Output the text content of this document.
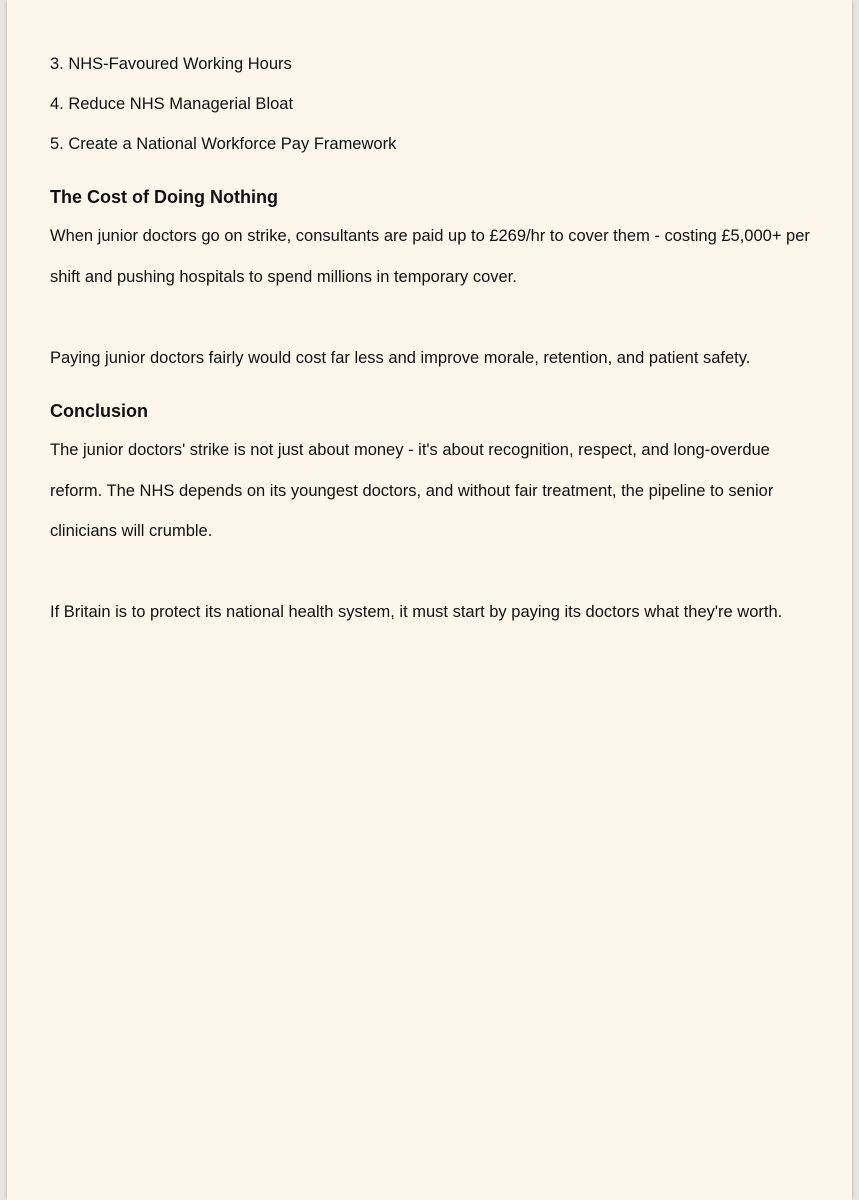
3. NHS-Favoured Working Hours
4. Reduce NHS Managerial Bloat
5. Create a National Workforce Pay Framework
The Cost of Doing Nothing
When junior doctors go on strike, consultants are paid up to £269/hr to cover them - costing £5,000+ per shift and pushing hospitals to spend millions in temporary cover.
Paying junior doctors fairly would cost far less and improve morale, retention, and patient safety.
Conclusion
The junior doctors' strike is not just about money - it's about recognition, respect, and long-overdue reform. The NHS depends on its youngest doctors, and without fair treatment, the pipeline to senior clinicians will crumble.
If Britain is to protect its national health system, it must start by paying its doctors what they're worth.
